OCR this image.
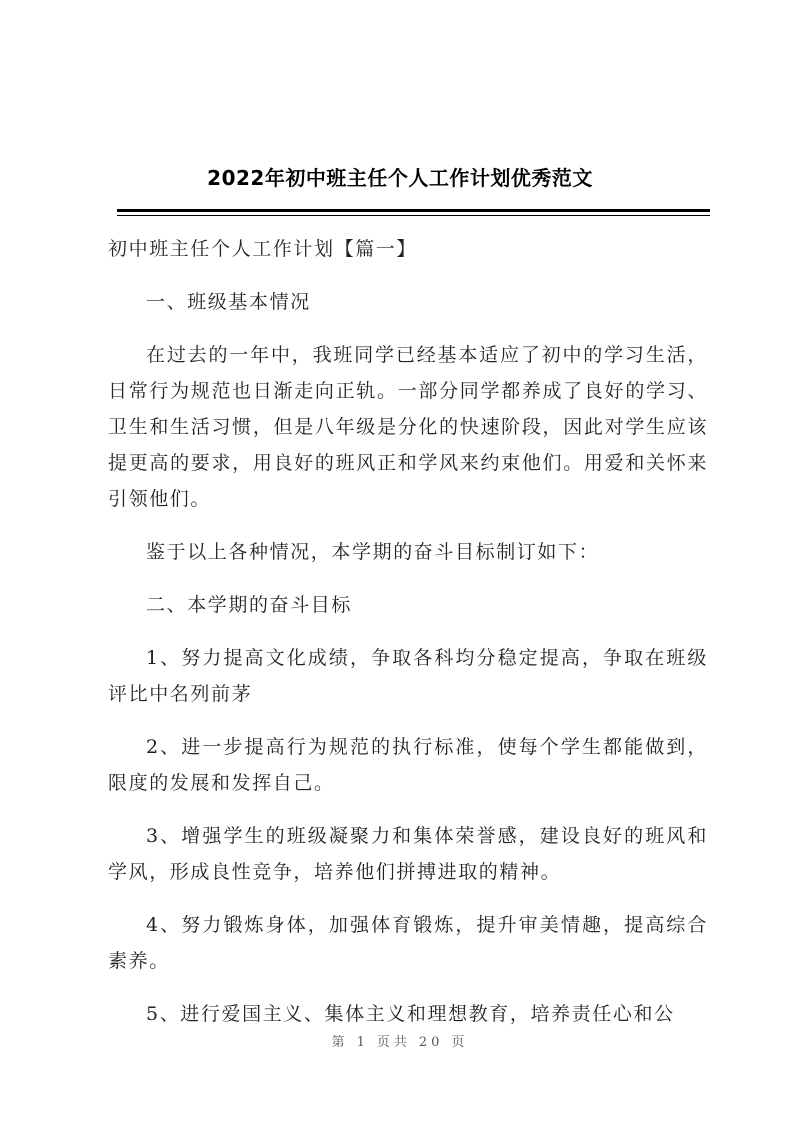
2022年初中班主任个人工作计划优秀范文

初中班主任个人工作计划【篇一】

一、班级基本情况

在过去的一年中，我班同学已经基本适应了初中的学习生活，日常行为规范也日渐走向正轨。一部分同学都养成了良好的学习、卫生和生活习惯，但是八年级是分化的快速阶段，因此对学生应该提更高的要求，用良好的班风正和学风来约束他们。用爱和关怀来引领他们。

鉴于以上各种情况，本学期的奋斗目标制订如下：

二、本学期的奋斗目标

1、努力提高文化成绩，争取各科均分稳定提高，争取在班级评比中名列前茅

2、进一步提高行为规范的执行标准，使每个学生都能做到，限度的发展和发挥自己。

3、增强学生的班级凝聚力和集体荣誉感，建设良好的班风和学风，形成良性竞争，培养他们拼搏进取的精神。

4、努力锻炼身体，加强体育锻炼，提升审美情趣，提高综合素养。

5、进行爱国主义、集体主义和理想教育，培养责任心和公

第 1 页共 20 页
